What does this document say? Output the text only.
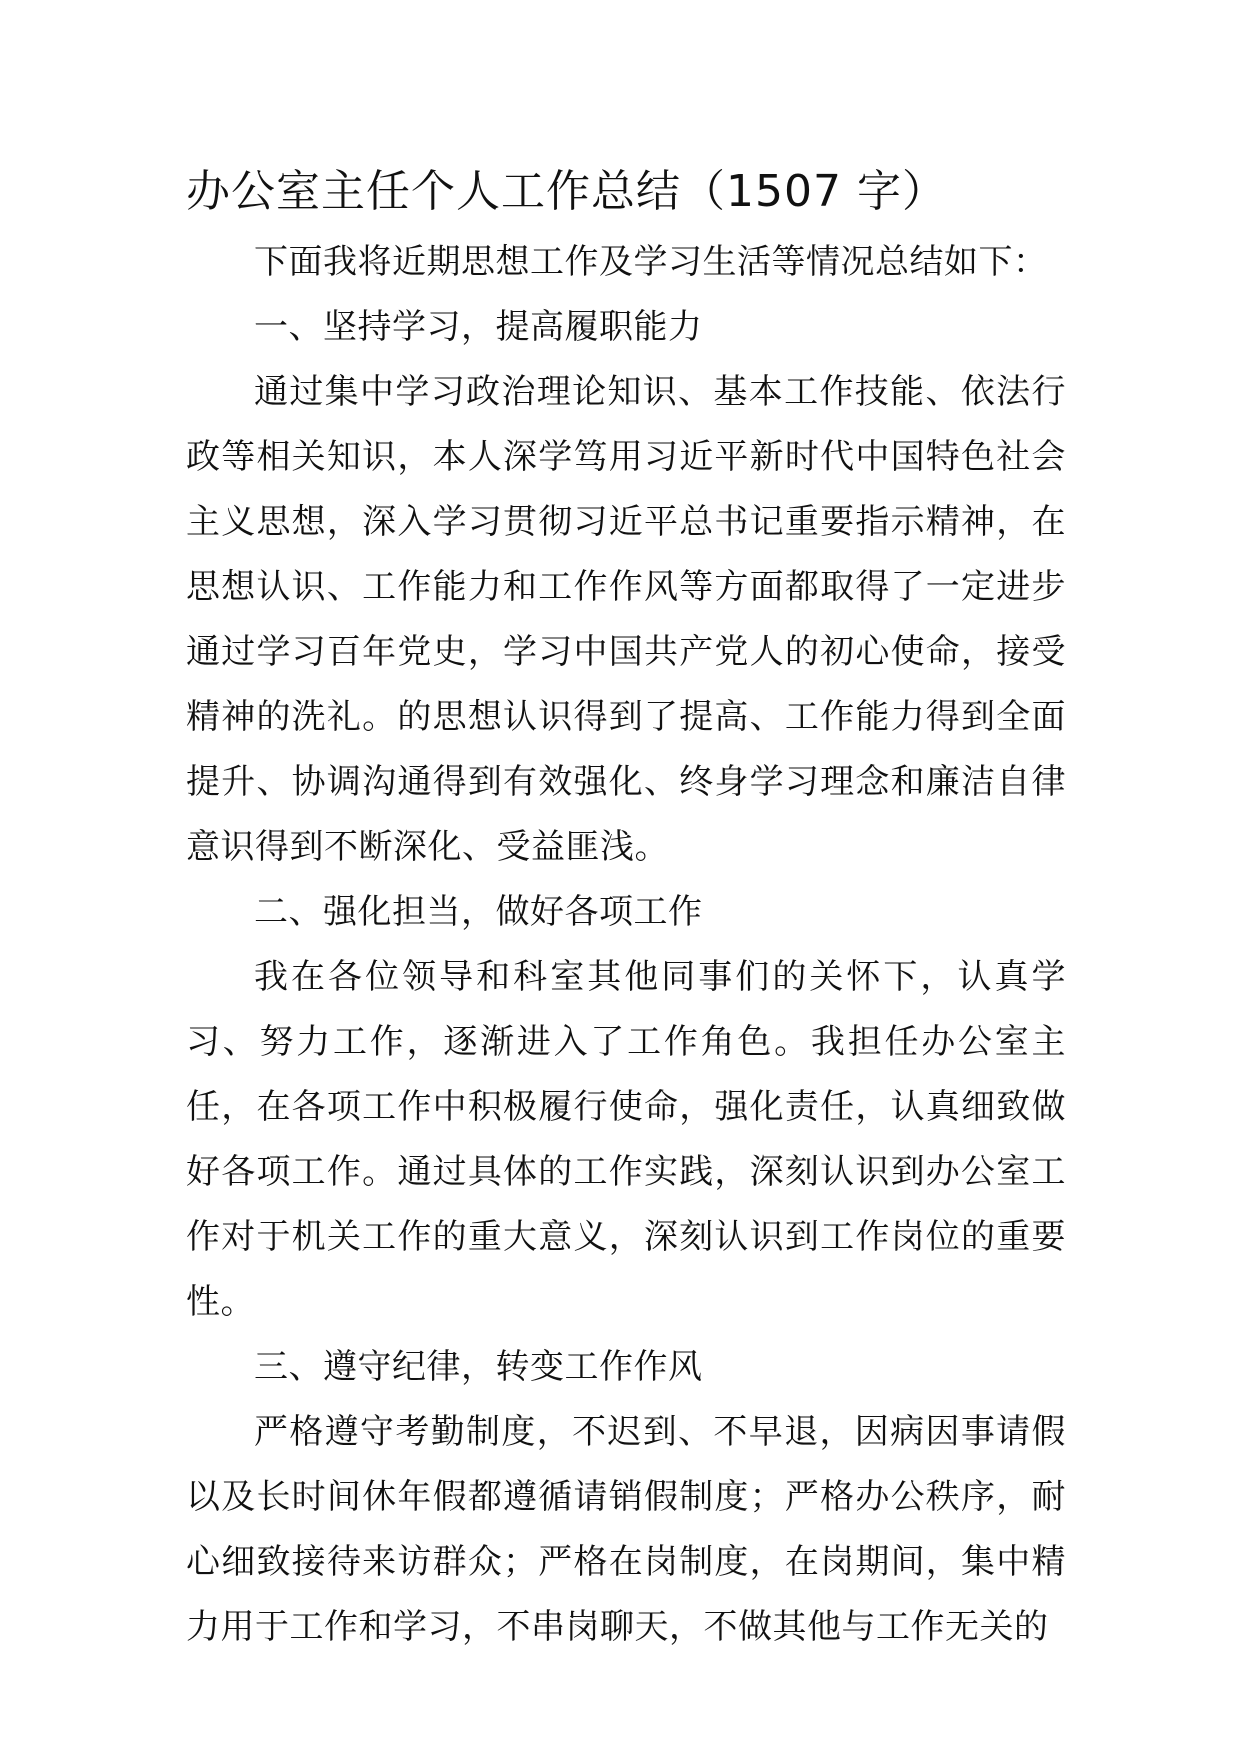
办公室主任个人工作总结（1507 字）

下面我将近期思想工作及学习生活等情况总结如下：

一、坚持学习，提高履职能力

通过集中学习政治理论知识、基本工作技能、依法行政等相关知识，本人深学笃用习近平新时代中国特色社会主义思想，深入学习贯彻习近平总书记重要指示精神，在思想认识、工作能力和工作作风等方面都取得了一定进步通过学习百年党史，学习中国共产党人的初心使命，接受精神的洗礼。的思想认识得到了提高、工作能力得到全面提升、协调沟通得到有效强化、终身学习理念和廉洁自律意识得到不断深化、受益匪浅。

二、强化担当，做好各项工作

我在各位领导和科室其他同事们的关怀下，认真学习、努力工作，逐渐进入了工作角色。我担任办公室主任，在各项工作中积极履行使命，强化责任，认真细致做好各项工作。通过具体的工作实践，深刻认识到办公室工作对于机关工作的重大意义，深刻认识到工作岗位的重要性。

三、遵守纪律，转变工作作风

严格遵守考勤制度，不迟到、不早退，因病因事请假以及长时间休年假都遵循请销假制度；严格办公秩序，耐心细致接待来访群众；严格在岗制度，在岗期间，集中精力用于工作和学习，不串岗聊天，不做其他与工作无关的
